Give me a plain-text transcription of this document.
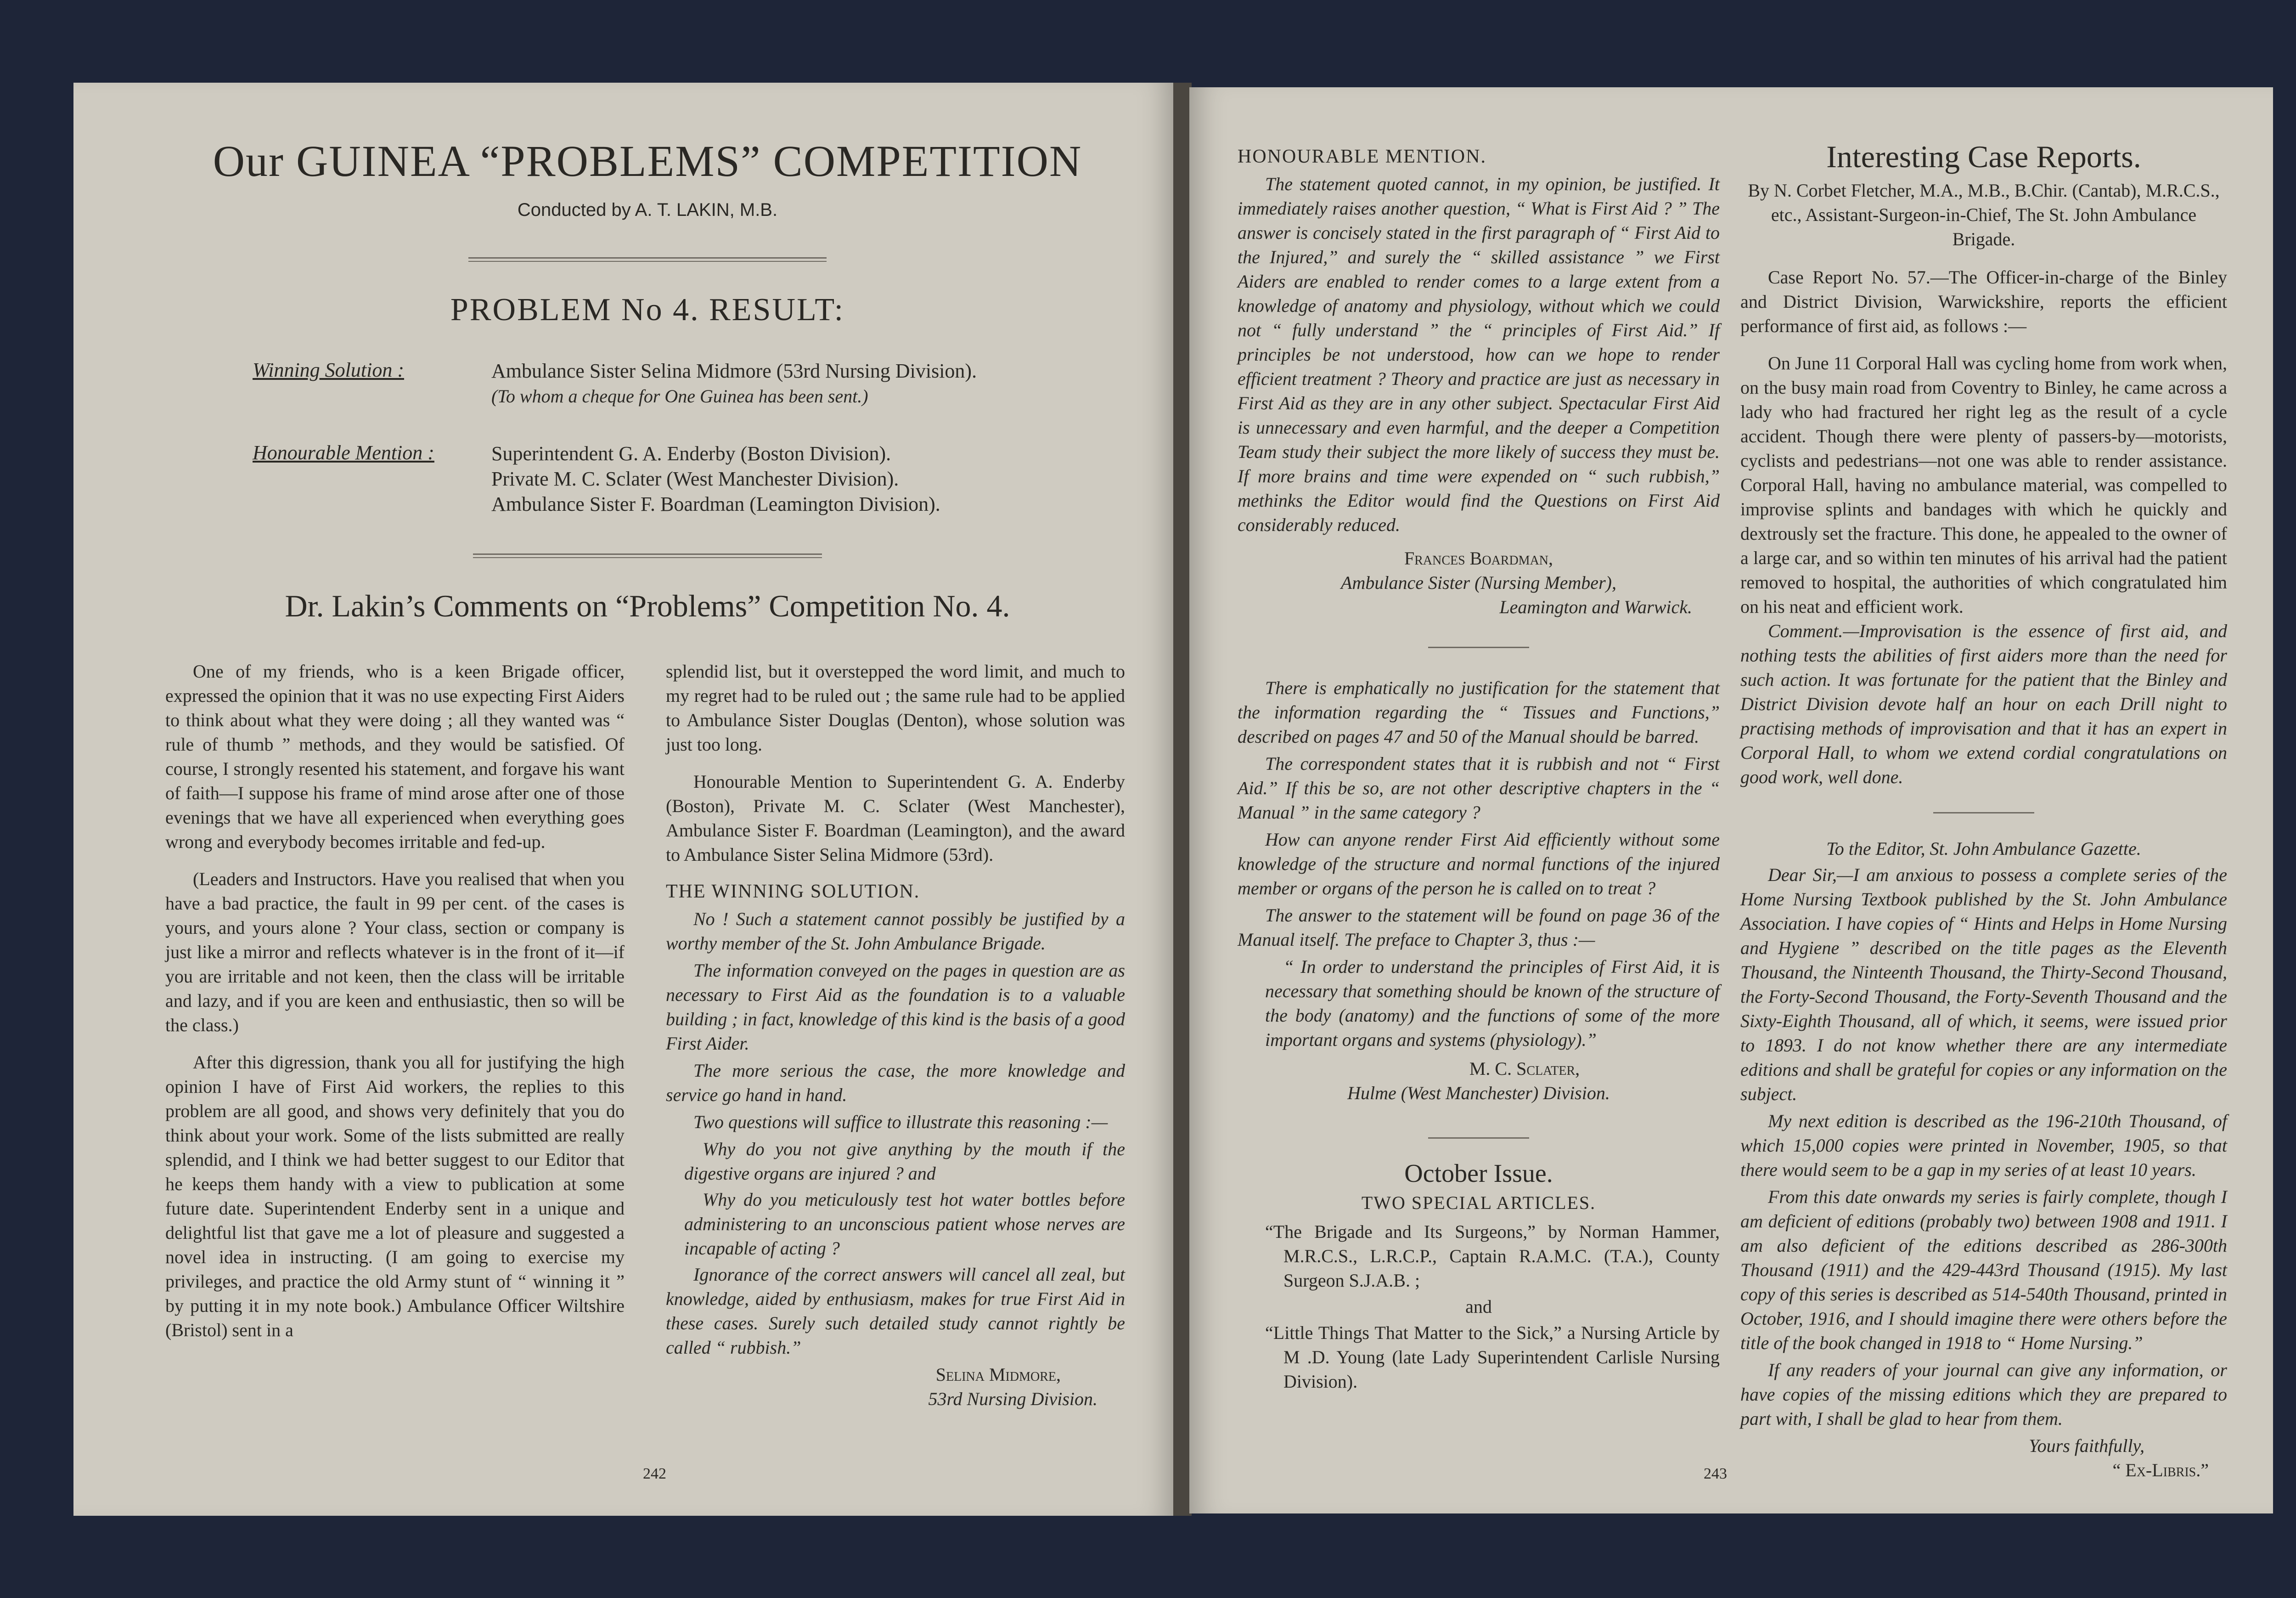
Our GUINEA “PROBLEMS” COMPETITION
Conducted by A. T. LAKIN, M.B.
PROBLEM No 4. RESULT:
Winning Solution :	Ambulance Sister Selina Midmore (53rd Nursing Division).
(To whom a cheque for One Guinea has been sent.)
Honourable Mention :	Superintendent G. A. Enderby (Boston Division).
Private M. C. Sclater (West Manchester Division).
Ambulance Sister F. Boardman (Leamington Division).
Dr. Lakin’s Comments on “Problems” Competition No. 4.

One of my friends, who is a keen Brigade officer, expressed the opinion that it was no use expecting First Aiders to think about what they were doing ; all they wanted was “ rule of thumb ” methods, and they would be satisfied. Of course, I strongly resented his statement, and forgave his want of faith—I suppose his frame of mind arose after one of those evenings that we have all experienced when everything goes wrong and everybody becomes irritable and fed-up.

(Leaders and Instructors. Have you realised that when you have a bad practice, the fault in 99 per cent. of the cases is yours, and yours alone ? Your class, section or company is just like a mirror and reflects whatever is in the front of it—if you are irritable and not keen, then the class will be irritable and lazy, and if you are keen and enthusiastic, then so will be the class.)

After this digression, thank you all for justifying the high opinion I have of First Aid workers, the replies to this problem are all good, and shows very definitely that you do think about your work. Some of the lists submitted are really splendid, and I think we had better suggest to our Editor that he keeps them handy with a view to publication at some future date. Superintendent Enderby sent in a unique and delightful list that gave me a lot of pleasure and suggested a novel idea in instructing. (I am going to exercise my privileges, and practice the old Army stunt of “ winning it ” by putting it in my note book.) Ambulance Officer Wiltshire (Bristol) sent in a

splendid list, but it overstepped the word limit, and much to my regret had to be ruled out ; the same rule had to be applied to Ambulance Sister Douglas (Denton), whose solution was just too long.

Honourable Mention to Superintendent G. A. Enderby (Boston), Private M. C. Sclater (West Manchester), Ambulance Sister F. Boardman (Leamington), and the award to Ambulance Sister Selina Midmore (53rd).

THE WINNING SOLUTION.

No ! Such a statement cannot possibly be justified by a worthy member of the St. John Ambulance Brigade.

The information conveyed on the pages in question are as necessary to First Aid as the foundation is to a valuable building ; in fact, knowledge of this kind is the basis of a good First Aider.

The more serious the case, the more knowledge and service go hand in hand.

Two questions will suffice to illustrate this reasoning :—

Why do you not give anything by the mouth if the digestive organs are injured ? and

Why do you meticulously test hot water bottles before administering to an unconscious patient whose nerves are incapable of acting ?

Ignorance of the correct answers will cancel all zeal, but knowledge, aided by enthusiasm, makes for true First Aid in these cases. Surely such detailed study cannot rightly be called “ rubbish.”

Selina Midmore,

53rd Nursing Division.

242

HONOURABLE MENTION.

The statement quoted cannot, in my opinion, be justified. It immediately raises another question, “ What is First Aid ? ” The answer is concisely stated in the first paragraph of “ First Aid to the Injured,” and surely the “ skilled assistance ” we First Aiders are enabled to render comes to a large extent from a knowledge of anatomy and physiology, without which we could not “ fully understand ” the “ principles of First Aid.” If principles be not understood, how can we hope to render efficient treatment ? Theory and practice are just as necessary in First Aid as they are in any other subject. Spectacular First Aid is unnecessary and even harmful, and the deeper a Competition Team study their subject the more likely of success they must be. If more brains and time were expended on “ such rubbish,” methinks the Editor would find the Questions on First Aid considerably reduced.

Frances Boardman,

Ambulance Sister (Nursing Member),

Leamington and Warwick.

There is emphatically no justification for the statement that the information regarding the “ Tissues and Functions,” described on pages 47 and 50 of the Manual should be barred.

The correspondent states that it is rubbish and not “ First Aid.” If this be so, are not other descriptive chapters in the “ Manual ” in the same category ?

How can anyone render First Aid efficiently without some knowledge of the structure and normal functions of the injured member or organs of the person he is called on to treat ?

The answer to the statement will be found on page 36 of the Manual itself. The preface to Chapter 3, thus :—

“ In order to understand the principles of First Aid, it is necessary that something should be known of the structure of the body (anatomy) and the functions of some of the more important organs and systems (physiology).”

M. C. Sclater,

Hulme (West Manchester) Division.

October Issue.

TWO SPECIAL ARTICLES.

“The Brigade and Its Surgeons,” by Norman Hammer, M.R.C.S., L.R.C.P., Captain R.A.M.C. (T.A.), County Surgeon S.J.A.B. ;

and

“Little Things That Matter to the Sick,” a Nursing Article by M .D. Young (late Lady Superintendent Carlisle Nursing Division).

Interesting Case Reports.

By N. Corbet Fletcher, M.A., M.B., B.Chir. (Cantab), M.R.C.S., etc., Assistant-Surgeon-in-Chief, The St. John Ambulance Brigade.

Case Report No. 57.—The Officer-in-charge of the Binley and District Division, Warwickshire, reports the efficient performance of first aid, as follows :—

On June 11 Corporal Hall was cycling home from work when, on the busy main road from Coventry to Binley, he came across a lady who had fractured her right leg as the result of a cycle accident. Though there were plenty of passers-by—motorists, cyclists and pedestrians—not one was able to render assistance. Corporal Hall, having no ambulance material, was compelled to improvise splints and bandages with which he quickly and dextrously set the fracture. This done, he appealed to the owner of a large car, and so within ten minutes of his arrival had the patient removed to hospital, the authorities of which congratulated him on his neat and efficient work.

Comment.—Improvisation is the essence of first aid, and nothing tests the abilities of first aiders more than the need for such action. It was fortunate for the patient that the Binley and District Division devote half an hour on each Drill night to practising methods of improvisation and that it has an expert in Corporal Hall, to whom we extend cordial congratulations on good work, well done.

To the Editor, St. John Ambulance Gazette.

Dear Sir,—I am anxious to possess a complete series of the Home Nursing Textbook published by the St. John Ambulance Association. I have copies of “ Hints and Helps in Home Nursing and Hygiene ” described on the title pages as the Eleventh Thousand, the Ninteenth Thousand, the Thirty-Second Thousand, the Forty-Second Thousand, the Forty-Seventh Thousand and the Sixty-Eighth Thousand, all of which, it seems, were issued prior to 1893. I do not know whether there are any intermediate editions and shall be grateful for copies or any information on the subject.

My next edition is described as the 196-210th Thousand, of which 15,000 copies were printed in November, 1905, so that there would seem to be a gap in my series of at least 10 years.

From this date onwards my series is fairly complete, though I am deficient of editions (probably two) between 1908 and 1911. I am also deficient of the editions described as 286-300th Thousand (1911) and the 429-443rd Thousand (1915). My last copy of this series is described as 514-540th Thousand, printed in October, 1916, and I should imagine there were others before the title of the book changed in 1918 to “ Home Nursing.”

If any readers of your journal can give any information, or have copies of the missing editions which they are prepared to part with, I shall be glad to hear from them.

Yours faithfully,

“ Ex-Libris.”

243
